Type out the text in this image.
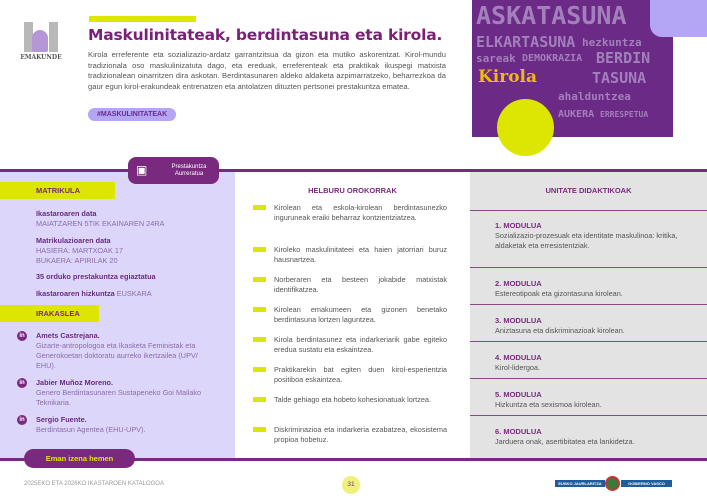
EMAKUNDE
Maskulinitateak, berdintasuna eta kirola.

Kirola erreferente eta sozializazio-ardatz garrantzitsua da gizon eta mutiko askorentzat. Kirol-mundu tradizionala oso maskulinizatuta dago, eta ereduak, erreferenteak eta praktikak ikuspegi matxista tradizionalean oinarritzen dira askotan. Berdintasunaren aldeko aldaketa azpimarratzeko, beharrezkoa da gaur egun kirol-erakundeak entrenatzen eta antolatzen dituzten pertsonei prestakuntza ematea.

#MASKULINITATEAK
ASKATASUNA
ELKARTASUNA hezkuntza
sareak DEMOKRAZIA BERDIN
ahalduntzea
TASUNA
AUKERA ERRESPETUA
Kirola
▣	Prestakuntza Aurreratua
MATRIKULA
Ikastaroaren data
MAIATZAREN 5TIK EKAINAREN 24RA
Matrikulazioaren data
HASIERA: MARTXOAK 17
BUKAERA: APIRILAK 20
35 orduko prestakuntza egiaztatua
Ikastaroaren hizkuntza EUSKARA
IRAKASLEA
in	Amets Castrejana.
Gizarte-antropologoa eta Ikasketa Feministak eta Generokoetan doktoratu aurreko ikertzailea (UPV/ EHU).
in	Jabier Muñoz Moreno.
Genero Berdintasunaren Sustapeneko Goi Mailako Teknikaria.
in	Sergio Fuente.
Berdintasun Agentea (EHU-UPV).
Eman izena hemen
HELBURU OROKORRAK
Kirolean eta eskola-kirolean berdintasunezko inguruneak eraiki beharraz kontzientziatzea.
Kiroleko maskulinitateei eta haien jatorriari buruz hausnartzea.
Norberaren eta besteen jokabide matxistak identifikatzea.
Kirolean emakumeen eta gizonen benetako berdintasuna lortzen laguntzea.
Kirola berdintasunez eta indarkeriarik gabe egiteko eredua sustatu eta eskaintzea.
Praktikarekin bat egiten duen kirol-esperientzia positiboa eskaintzea.
Talde gehiago eta hobeto kohesionatuak lortzea.
Diskriminazioa eta indarkeria ezabatzea, ekosistema propioa hobetuz.
UNITATE DIDAKTIKOAK
1. MODULUA
Sozializazio-prozesuak eta identitate maskulinoa: kritika, aldaketak eta erresistentziak.
2. MODULUA
Estereotipoak eta gizontasuna kirolean.
3. MODULUA
Aniztasuna eta diskriminazioak kirolean.
4. MODULUA
Kirol-lidergoa.
5. MODULUA
Hizkuntza eta sexismoa kirolean.
6. MODULUA
Jarduera onak, asertibitatea eta lankidetza.
2025EKO ETA 2026KO IKASTAROEN KATALOGOA	31	EUSKO JAURLARITZA	GOBIERNO VASCO
